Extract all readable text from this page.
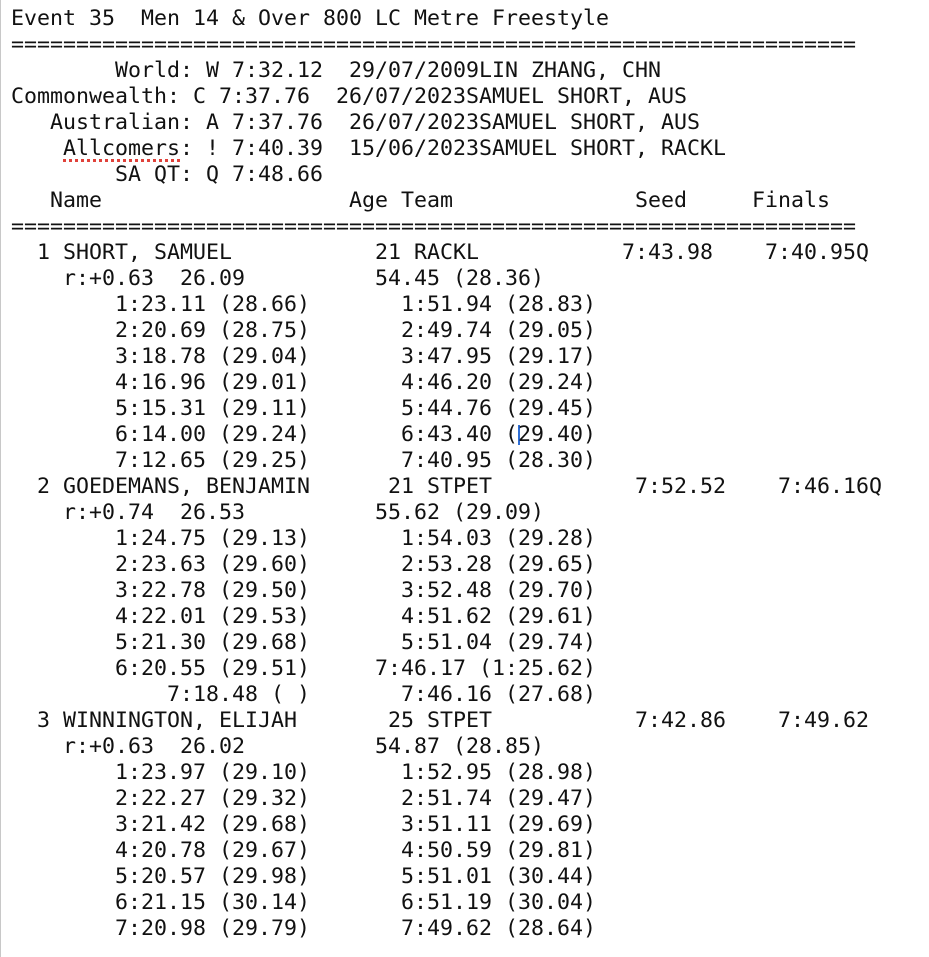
Event 35  Men 14 & Over 800 LC Metre Freestyle
=================================================================
World: W 7:32.12  29/07/2009LIN ZHANG, CHN
Commonwealth: C 7:37.76  26/07/2023SAMUEL SHORT, AUS
Australian: A 7:37.76  26/07/2023SAMUEL SHORT, AUS
Allcomers: ! 7:40.39  15/06/2023SAMUEL SHORT, RACKL
SA QT: Q 7:48.66
Name                   Age Team              Seed     Finals
=================================================================
1 SHORT, SAMUEL           21 RACKL           7:43.98    7:40.95Q
r:+0.63  26.09          54.45 (28.36)
1:23.11 (28.66)       1:51.94 (28.83)
2:20.69 (28.75)       2:49.74 (29.05)
3:18.78 (29.04)       3:47.95 (29.17)
4:16.96 (29.01)       4:46.20 (29.24)
5:15.31 (29.11)       5:44.76 (29.45)
6:14.00 (29.24)       6:43.40 (29.40)
7:12.65 (29.25)       7:40.95 (28.30)
2 GOEDEMANS, BENJAMIN      21 STPET           7:52.52    7:46.16Q
r:+0.74  26.53          55.62 (29.09)
1:24.75 (29.13)       1:54.03 (29.28)
2:23.63 (29.60)       2:53.28 (29.65)
3:22.78 (29.50)       3:52.48 (29.70)
4:22.01 (29.53)       4:51.62 (29.61)
5:21.30 (29.68)       5:51.04 (29.74)
6:20.55 (29.51)     7:46.17 (1:25.62)
7:18.48 ( )       7:46.16 (27.68)
3 WINNINGTON, ELIJAH       25 STPET           7:42.86    7:49.62
r:+0.63  26.02          54.87 (28.85)
1:23.97 (29.10)       1:52.95 (28.98)
2:22.27 (29.32)       2:51.74 (29.47)
3:21.42 (29.68)       3:51.11 (29.69)
4:20.78 (29.67)       4:50.59 (29.81)
5:20.57 (29.98)       5:51.01 (30.44)
6:21.15 (30.14)       6:51.19 (30.04)
7:20.98 (29.79)       7:49.62 (28.64)
